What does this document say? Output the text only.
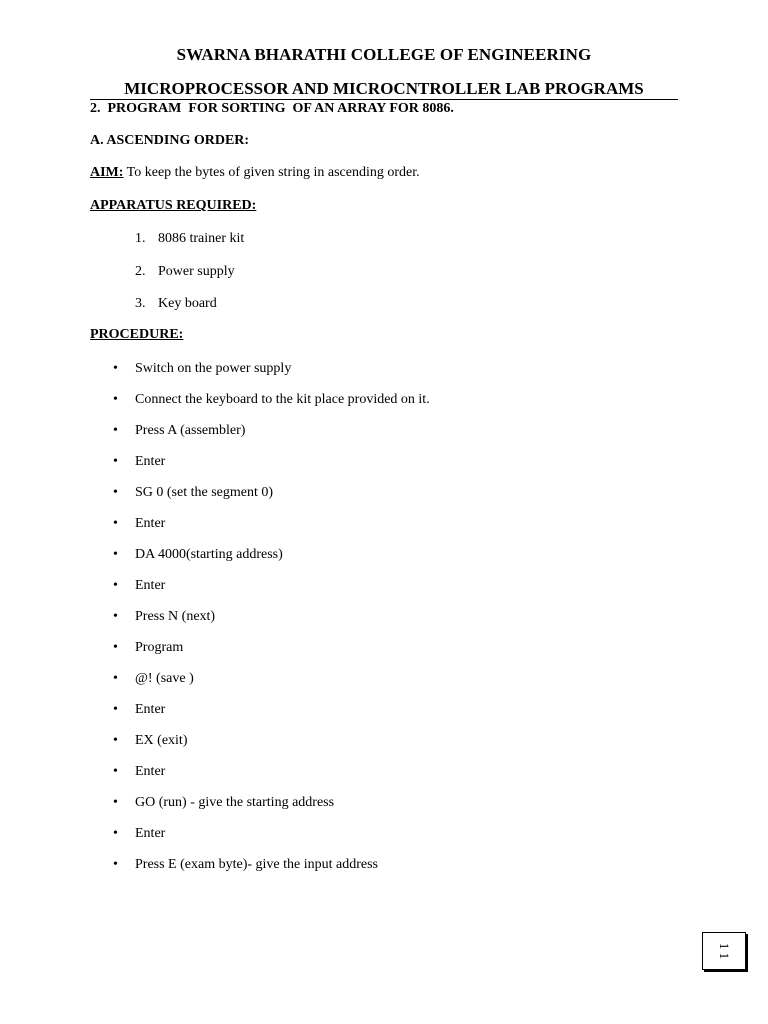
SWARNA BHARATHI COLLEGE OF ENGINEERING
MICROPROCESSOR AND MICROCNTROLLER LAB PROGRAMS
2.  PROGRAM  FOR SORTING  OF AN ARRAY FOR 8086.
A. ASCENDING ORDER:
AIM: To keep the bytes of given string in ascending order.
APPARATUS REQUIRED:
1. 8086 trainer kit
2. Power supply
3. Key board
PROCEDURE:
•	Switch on the power supply
•	Connect the keyboard to the kit place provided on it.
•	Press A (assembler)
•	Enter
•	SG 0 (set the segment 0)
•	Enter
•	DA 4000(starting address)
•	Enter
•	Press N (next)
•	Program
•	@! (save )
•	Enter
•	EX (exit)
•	Enter
•	GO (run) - give the starting address
•	Enter
•	Press E (exam byte)- give the input address
1 1
